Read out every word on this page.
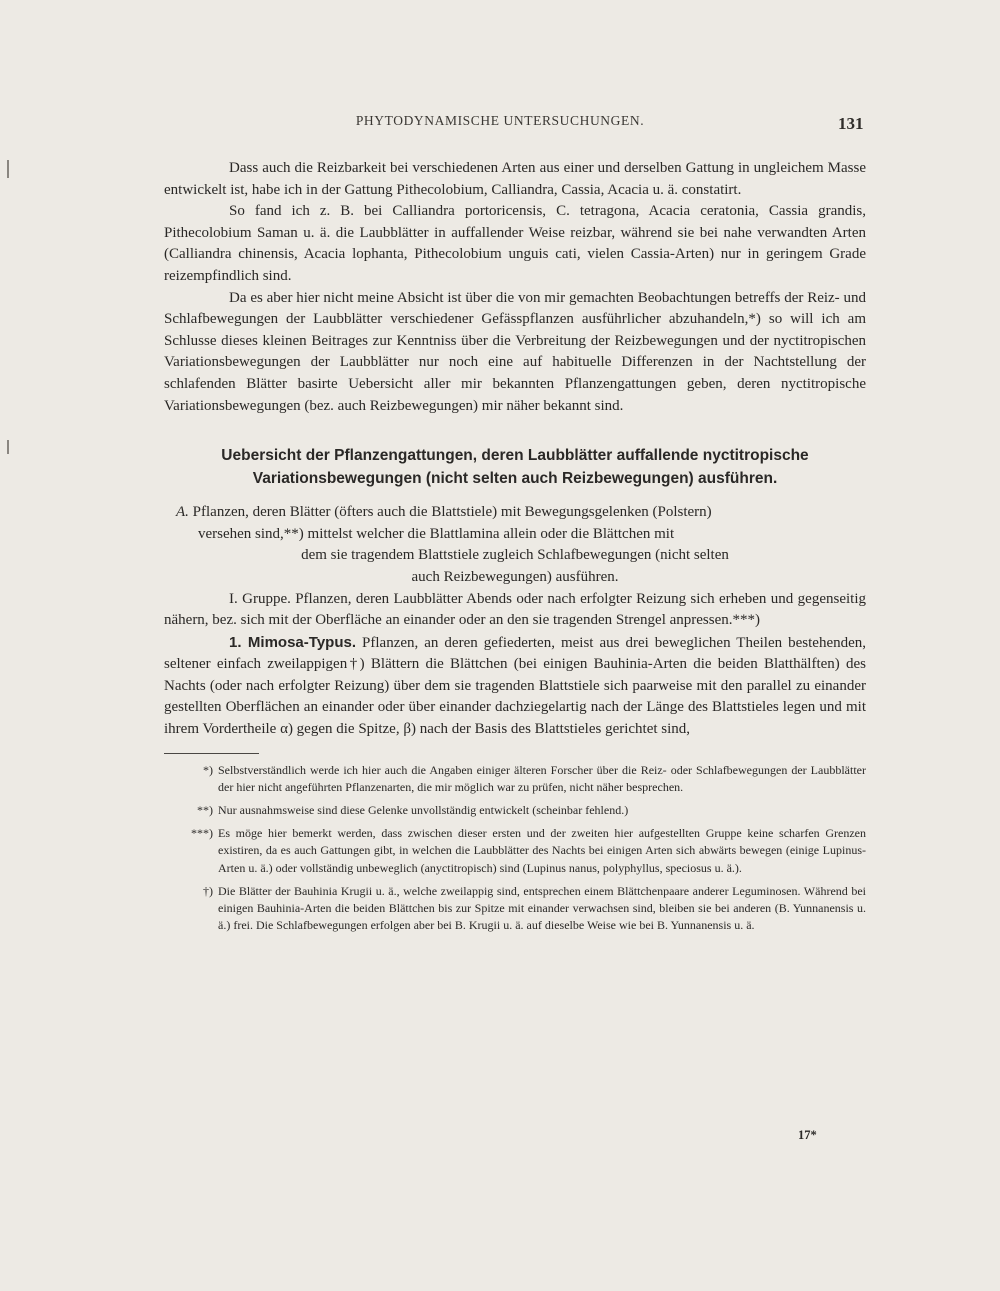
PHYTODYNAMISCHE UNTERSUCHUNGEN.	131

Dass auch die Reizbarkeit bei verschiedenen Arten aus einer und derselben Gattung in ungleichem Masse entwickelt ist, habe ich in der Gattung Pithecolobium, Calliandra, Cassia, Acacia u. ä. constatirt.

So fand ich z. B. bei Calliandra portoricensis, C. tetragona, Acacia ceratonia, Cassia grandis, Pithecolobium Saman u. ä. die Laubblätter in auffallender Weise reizbar, während sie bei nahe verwandten Arten (Calliandra chinensis, Acacia lophanta, Pithecolobium unguis cati, vielen Cassia-Arten) nur in geringem Grade reizempfindlich sind.

Da es aber hier nicht meine Absicht ist über die von mir gemachten Beobachtungen betreffs der Reiz- und Schlafbewegungen der Laubblätter verschiedener Gefässpflanzen ausführlicher abzuhandeln,*) so will ich am Schlusse dieses kleinen Beitrages zur Kenntniss über die Verbreitung der Reizbewegungen und der nyctitropischen Variationsbewegungen der Laubblätter nur noch eine auf habituelle Differenzen in der Nachtstellung der schlafenden Blätter basirte Uebersicht aller mir bekannten Pflanzengattungen geben, deren nyctitropische Variationsbewegungen (bez. auch Reizbewegungen) mir näher bekannt sind.

Uebersicht der Pflanzengattungen, deren Laubblätter auffallende nyctitropische
Variationsbewegungen (nicht selten auch Reizbewegungen) ausführen.

A. Pflanzen, deren Blätter (öfters auch die Blattstiele) mit Bewegungsgelenken (Polstern)

versehen sind,**) mittelst welcher die Blattlamina allein oder die Blättchen mit

dem sie tragendem Blattstiele zugleich Schlafbewegungen (nicht selten

auch Reizbewegungen) ausführen.

I. Gruppe. Pflanzen, deren Laubblätter Abends oder nach erfolgter Reizung sich erheben und gegenseitig nähern, bez. sich mit der Oberfläche an einander oder an den sie tragenden Strengel anpressen.***)

1. Mimosa-Typus. Pflanzen, an deren gefiederten, meist aus drei beweglichen Theilen bestehenden, seltener einfach zweilappigen†) Blättern die Blättchen (bei einigen Bauhinia-Arten die beiden Blatthälften) des Nachts (oder nach erfolgter Reizung) über dem sie tragenden Blattstiele sich paarweise mit den parallel zu einander gestellten Oberflächen an einander oder über einander dachziegelartig nach der Länge des Blattstieles legen und mit ihrem Vordertheile α) gegen die Spitze, β) nach der Basis des Blattstieles gerichtet sind,

*) Selbstverständlich werde ich hier auch die Angaben einiger älteren Forscher über die Reiz- oder Schlafbewegungen der Laubblätter der hier nicht angeführten Pflanzenarten, die mir möglich war zu prüfen, nicht näher besprechen.
**) Nur ausnahmsweise sind diese Gelenke unvollständig entwickelt (scheinbar fehlend.)
***) Es möge hier bemerkt werden, dass zwischen dieser ersten und der zweiten hier aufgestellten Gruppe keine scharfen Grenzen existiren, da es auch Gattungen gibt, in welchen die Laubblätter des Nachts bei einigen Arten sich abwärts bewegen (einige Lupinus-Arten u. ä.) oder vollständig unbeweglich (anyctitropisch) sind (Lupinus nanus, polyphyllus, speciosus u. ä.).
†) Die Blätter der Bauhinia Krugii u. ä., welche zweilappig sind, entsprechen einem Blättchenpaare anderer Leguminosen. Während bei einigen Bauhinia-Arten die beiden Blättchen bis zur Spitze mit einander verwachsen sind, bleiben sie bei anderen (B. Yunnanensis u. ä.) frei. Die Schlafbewegungen erfolgen aber bei B. Krugii u. ä. auf dieselbe Weise wie bei B. Yunnanensis u. ä.
17*
